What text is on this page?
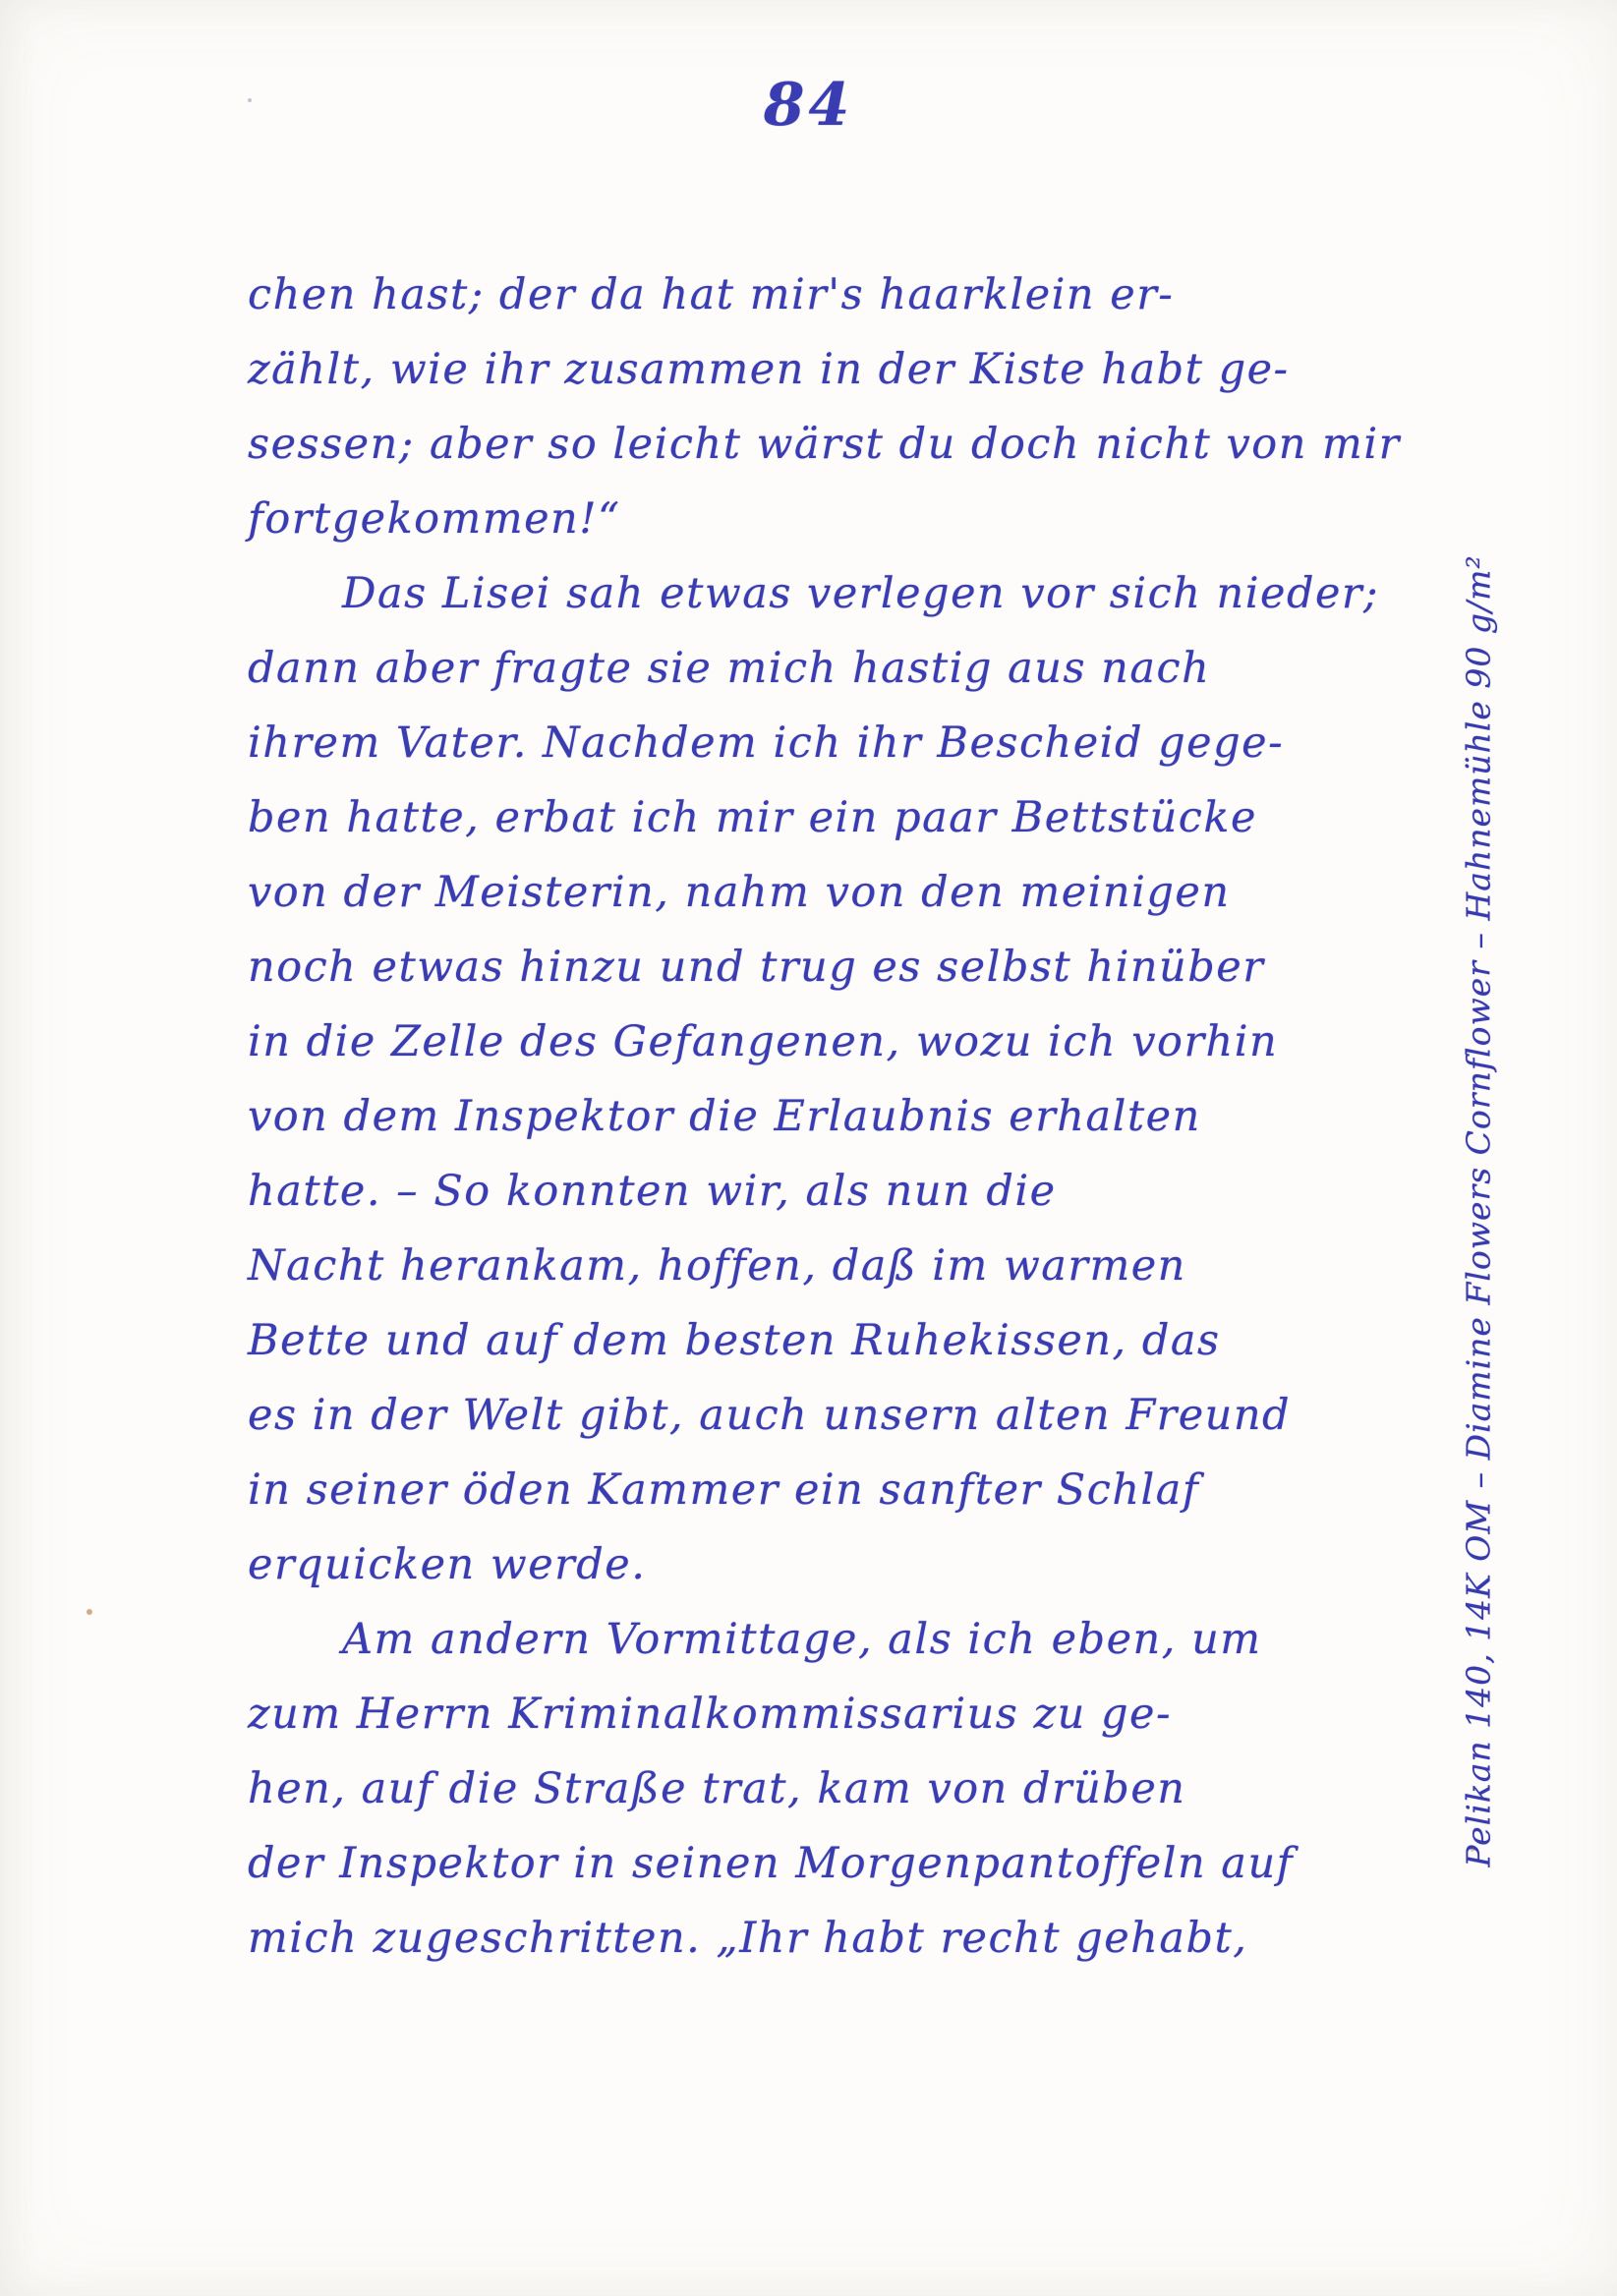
84
chen hast; der da hat mir's haarklein er-
zählt, wie ihr zusammen in der Kiste habt ge-
sessen; aber so leicht wärst du doch nicht von mir
fortgekommen!“
Das Lisei sah etwas verlegen vor sich nieder;
dann aber fragte sie mich hastig aus nach
ihrem Vater. Nachdem ich ihr Bescheid gege-
ben hatte, erbat ich mir ein paar Bettstücke
von der Meisterin, nahm von den meinigen
noch etwas hinzu und trug es selbst hinüber
in die Zelle des Gefangenen, wozu ich vorhin
von dem Inspektor die Erlaubnis erhalten
hatte. – So konnten wir, als nun die
Nacht herankam, hoffen, daß im warmen
Bette und auf dem besten Ruhekissen, das
es in der Welt gibt, auch unsern alten Freund
in seiner öden Kammer ein sanfter Schlaf
erquicken werde.
Am andern Vormittage, als ich eben, um
zum Herrn Kriminalkommissarius zu ge-
hen, auf die Straße trat, kam von drüben
der Inspektor in seinen Morgenpantoffeln auf
mich zugeschritten. „Ihr habt recht gehabt,
Pelikan 140, 14K OM – Diamine Flowers Cornflower – Hahnemühle 90 g/m²
